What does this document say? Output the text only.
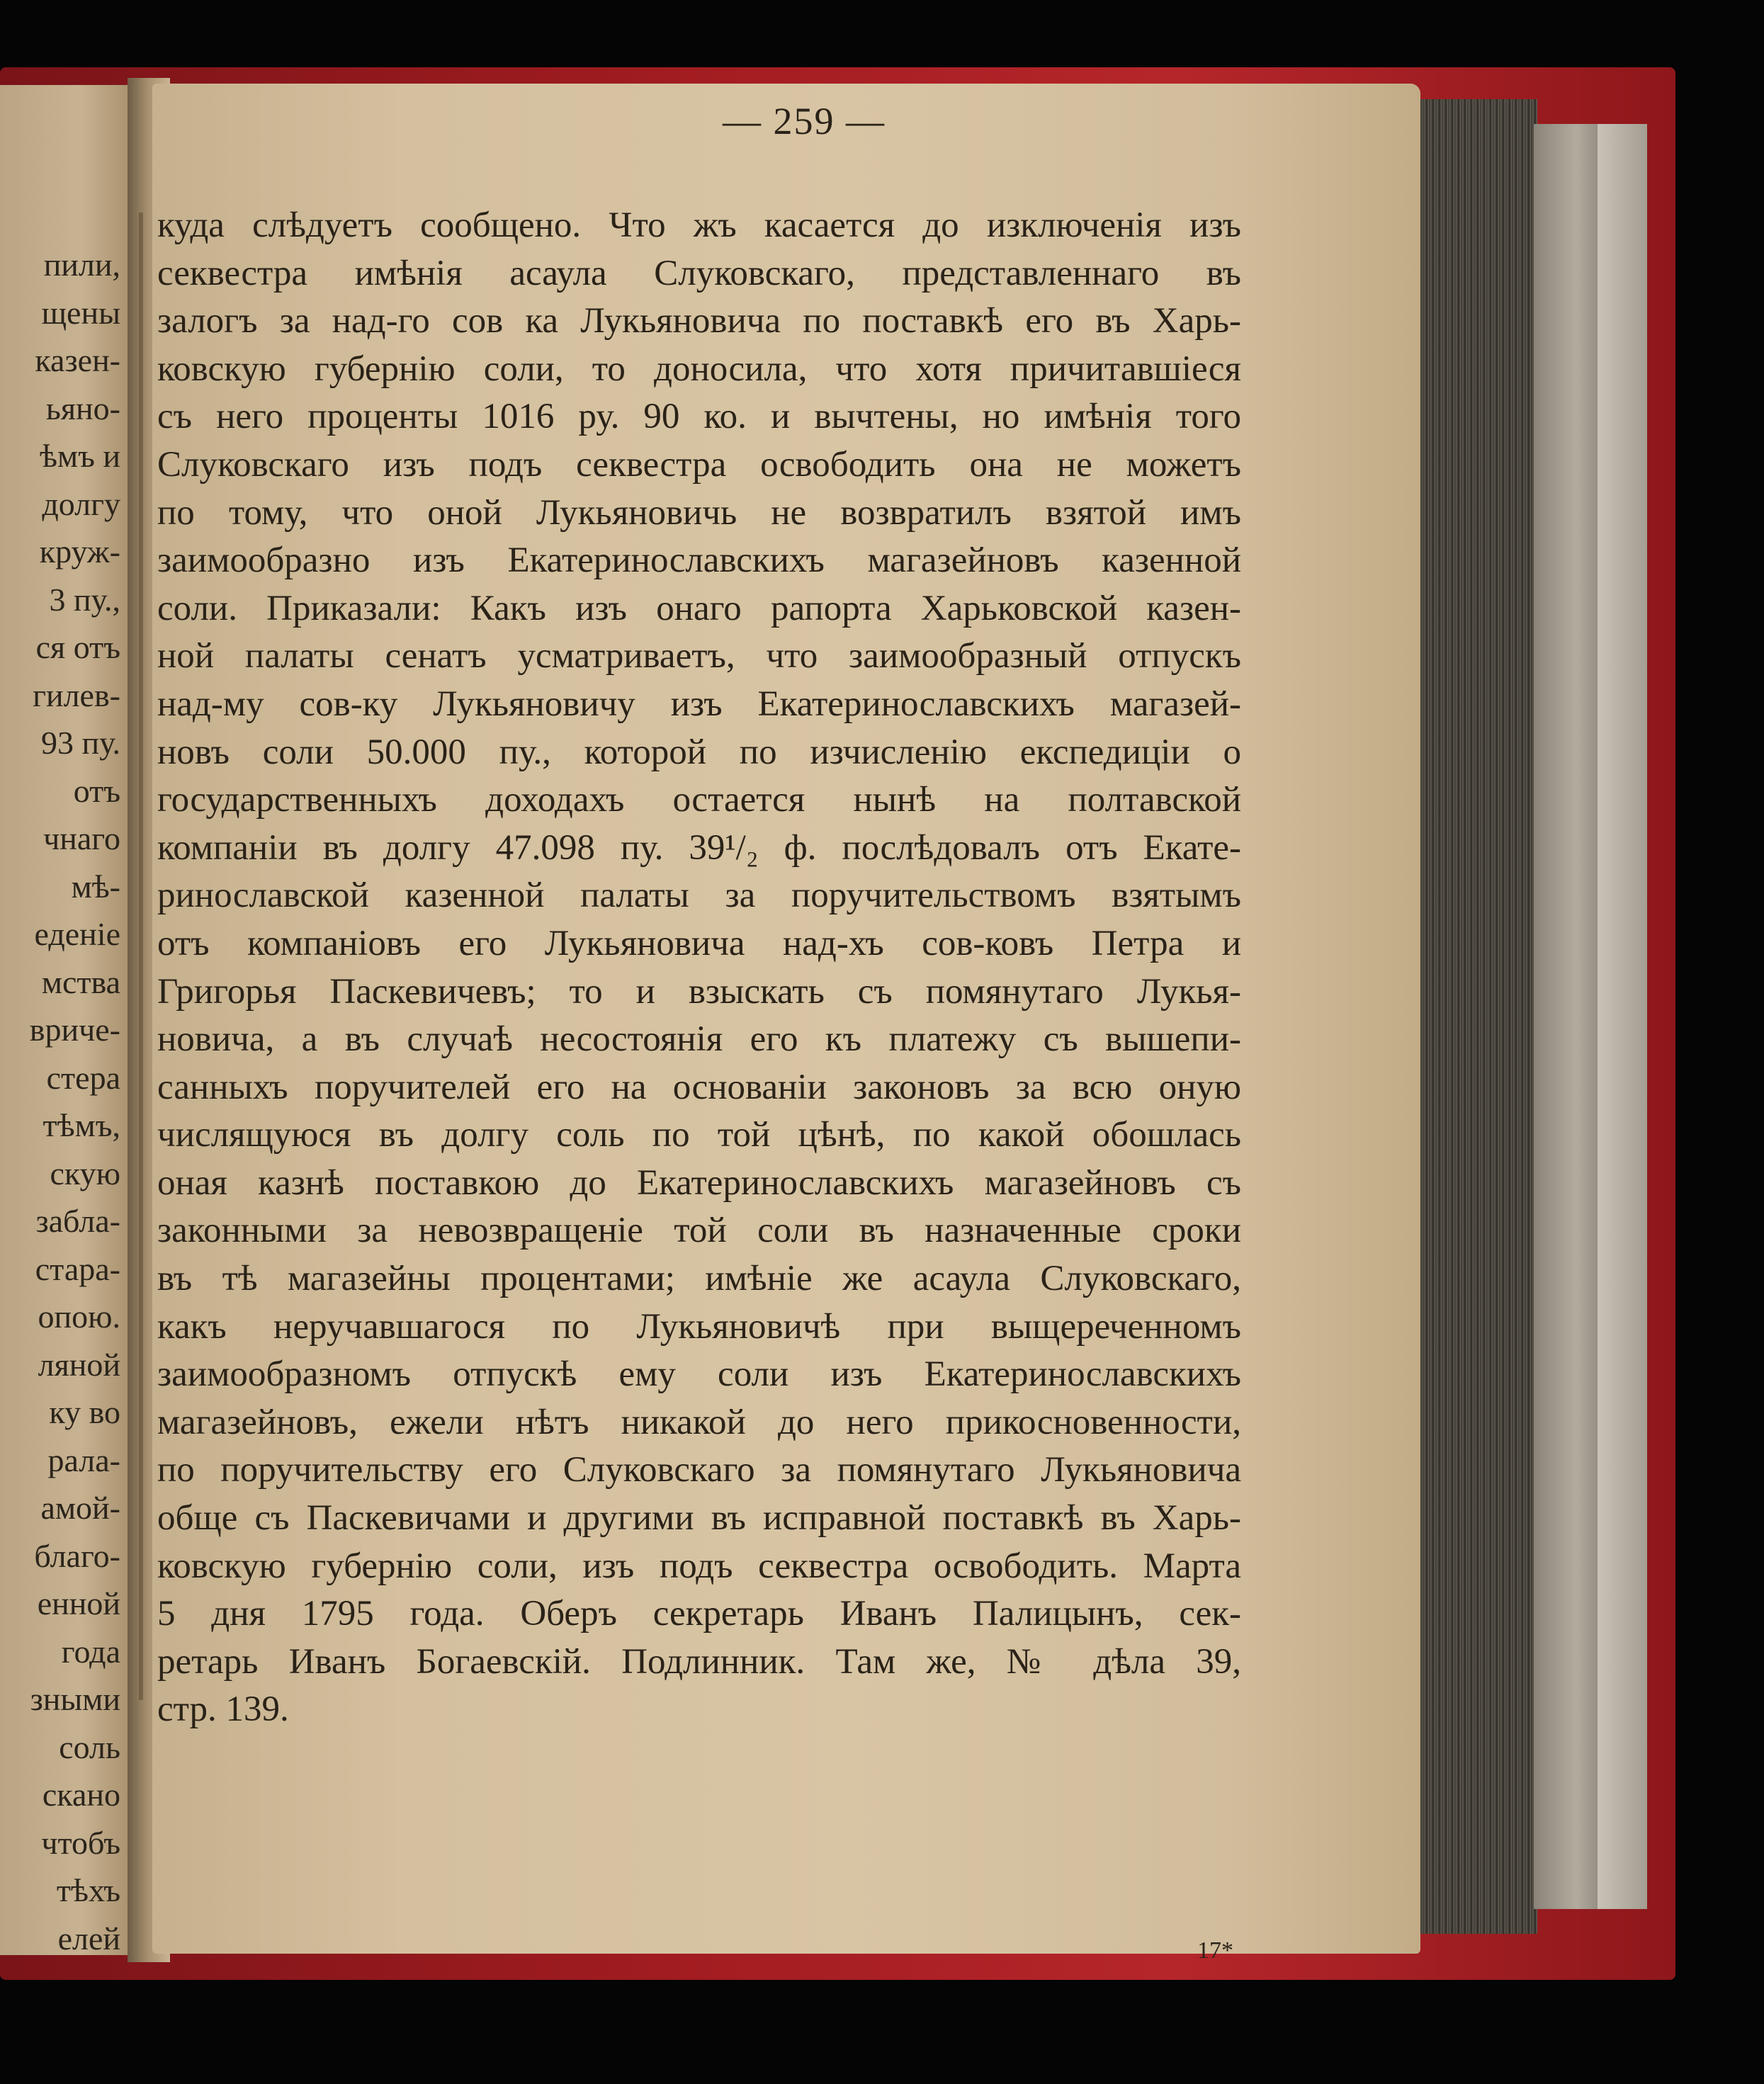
пили,
щены
казен-
ьяно-
ѣмъ и
долгу
круж-
3 пу.,
ся отъ
гилев-
93 пу.
отъ
чнаго
мѣ-
еденіе
мства
вриче-
стера
тѣмъ,
скую
забла-
стара-
опою.
ляной
ку во
рала-
амой-
благо-
енной
года
зными
соль
скано
чтобъ
тѣхъ
елей
— 259 —
куда слѣдуетъ сообщено. Что жъ касается до изключенія изъ
секвестра имѣнія асаула Слуковскаго, представленнаго въ
залогъ за над-го сов ка Лукьяновича по поставкѣ его въ Харь-
ковскую губернію соли, то доносила, что хотя причитавшіеся
съ него проценты 1016 ру. 90 ко. и вычтены, но имѣнія того
Слуковскаго изъ подъ секвестра освободить она не можетъ
по тому, что оной Лукьяновичь не возвратилъ взятой имъ
заимообразно изъ Екатеринославскихъ магазейновъ казенной
соли. Приказали: Какъ изъ онаго рапорта Харьковской казен-
ной палаты сенатъ усматриваетъ, что заимообразный отпускъ
над-му сов-ку Лукьяновичу изъ Екатеринославскихъ магазей-
новъ соли 50.000 пу., которой по изчисленію експедиціи о
государственныхъ доходахъ остается нынѣ на полтавской
компаніи въ долгу 47.098 пу. 39¹/₂ ф. послѣдовалъ отъ Екате-
ринославской казенной палаты за поручительствомъ взятымъ
отъ компаніовъ его Лукьяновича над-хъ сов-ковъ Петра и
Григорья Паскевичевъ; то и взыскать съ помянутаго Лукья-
новича, а въ случаѣ несостоянія его къ платежу съ вышепи-
санныхъ поручителей его на основаніи законовъ за всю оную
числящуюся въ долгу соль по той цѣнѣ, по какой обошлась
оная казнѣ поставкою до Екатеринославскихъ магазейновъ съ
законными за невозвращеніе той соли въ назначенные сроки
въ тѣ магазейны процентами; имѣніе же асаула Слуковскаго,
какъ неручавшагося по Лукьяновичѣ при выщереченномъ
заимообразномъ отпускѣ ему соли изъ Екатеринославскихъ
магазейновъ, ежели нѣтъ никакой до него прикосновенности,
по поручительству его Слуковскаго за помянутаго Лукьяновича
обще съ Паскевичами и другими въ исправной поставкѣ въ Харь-
ковскую губернію соли, изъ подъ секвестра освободить. Марта
5 дня 1795 года. Оберъ секретарь Иванъ Палицынъ, сек-
ретарь Иванъ Богаевскій. Подлинник. Там же, № дѣла 39,
стр. 139.
17*
